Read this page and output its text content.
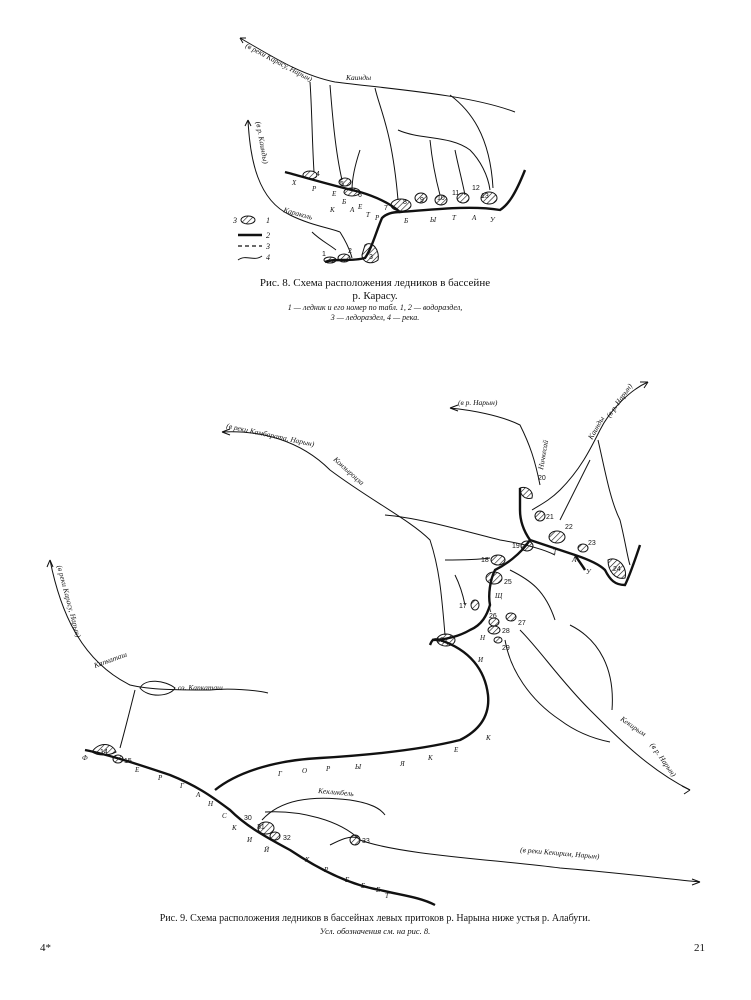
(в реки Карасу, Нарын)	Каинды
(в р. Каинды)
Караколь
Х
Р
Е
Б
Е
Т
К А
Р	Б	Ы Т А У
1	2
3
4
5
6
7
8 9 10
11
12
13
3	1
2
3
4
(в р. Нарын)	(в р. Нарын)
Каинды
Ничкесай
(в реки Камбарата, Нарын)
Конзыроцза
(в реки Карасу, Нарын)
Капкаташ
оз. Капкаташ
Кекирым
(в р. Нарын)
Кекликбель
(в реки Кекирим, Нарын)
Ф
Е
Р
Г
А
Н
С
К
И
Й
Т
А
У
Щ
А
Н
И
К
Г	О	Р	Ы	Я
К
Е
Х
Р
Е
Б Е
Т
14
15
16
17
18
19
20
21
22
23
24
25
26
27
28
29
30
31
32	33
Рис. 8. Схема расположения ледников в бассейне
р. Карасу.
1 — ледник и его номер по табл. 1, 2 — водораздел,
3 — ледораздел, 4 — река.
Рис. 9. Схема расположения ледников в бассейнах левых притоков р. Нарына ниже устья р. Алабуги.
Усл. обозначения см. на рис. 8.
4*	21
